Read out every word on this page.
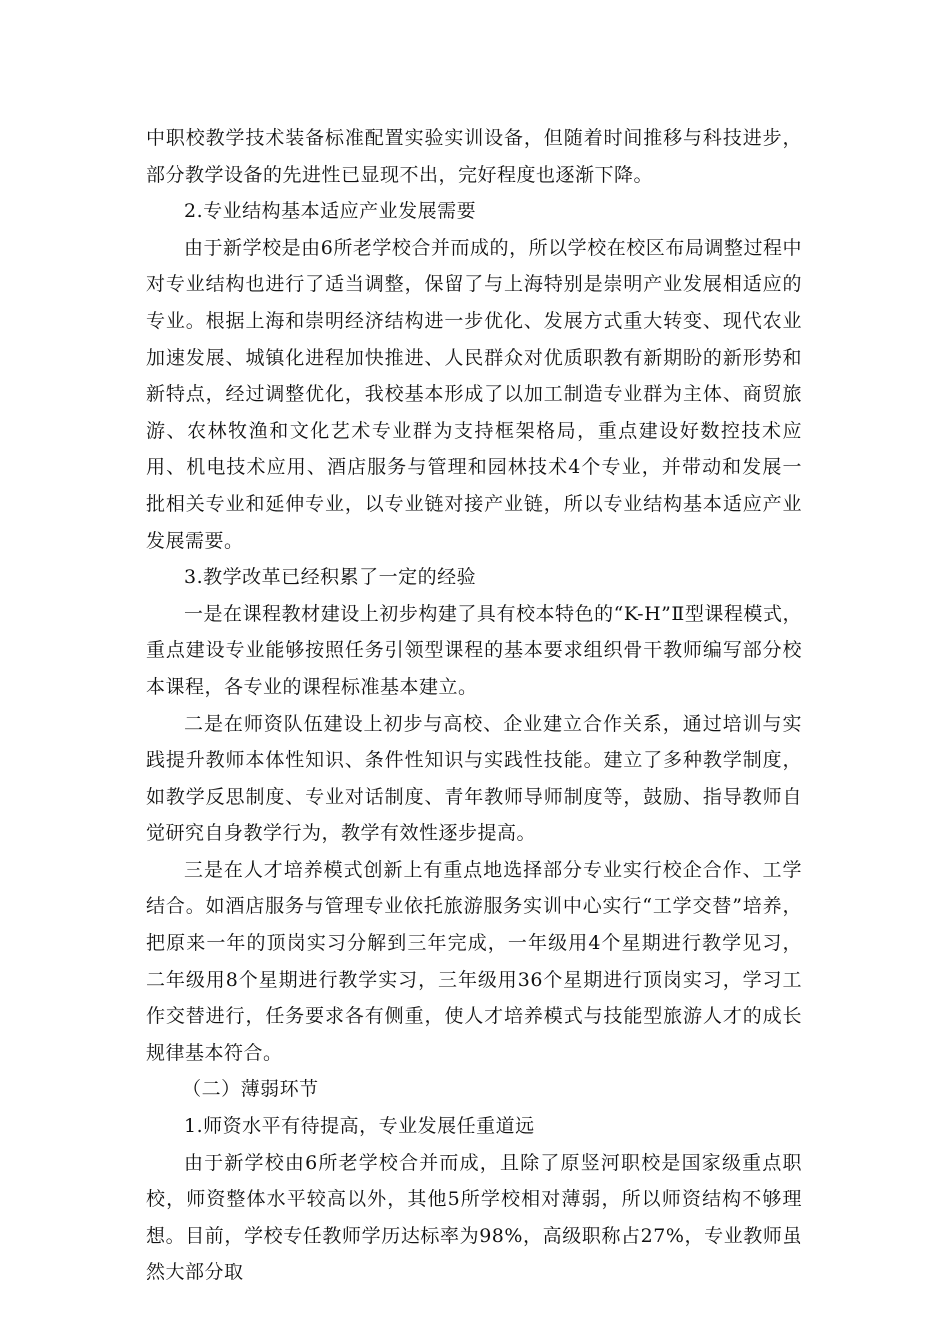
中职校教学技术装备标准配置实验实训设备，但随着时间推移与科技进步，部分教学设备的先进性已显现不出，完好程度也逐渐下降。

2.专业结构基本适应产业发展需要

由于新学校是由6所老学校合并而成的，所以学校在校区布局调整过程中对专业结构也进行了适当调整，保留了与上海特别是崇明产业发展相适应的专业。根据上海和崇明经济结构进一步优化、发展方式重大转变、现代农业加速发展、城镇化进程加快推进、人民群众对优质职教有新期盼的新形势和新特点，经过调整优化，我校基本形成了以加工制造专业群为主体、商贸旅游、农林牧渔和文化艺术专业群为支持框架格局，重点建设好数控技术应用、机电技术应用、酒店服务与管理和园林技术4个专业，并带动和发展一批相关专业和延伸专业，以专业链对接产业链，所以专业结构基本适应产业发展需要。

3.教学改革已经积累了一定的经验

一是在课程教材建设上初步构建了具有校本特色的“K-H”Ⅱ型课程模式，重点建设专业能够按照任务引领型课程的基本要求组织骨干教师编写部分校本课程，各专业的课程标准基本建立。

二是在师资队伍建设上初步与高校、企业建立合作关系，通过培训与实践提升教师本体性知识、条件性知识与实践性技能。建立了多种教学制度，如教学反思制度、专业对话制度、青年教师导师制度等，鼓励、指导教师自觉研究自身教学行为，教学有效性逐步提高。

三是在人才培养模式创新上有重点地选择部分专业实行校企合作、工学结合。如酒店服务与管理专业依托旅游服务实训中心实行“工学交替”培养，把原来一年的顶岗实习分解到三年完成，一年级用4个星期进行教学见习，二年级用8个星期进行教学实习，三年级用36个星期进行顶岗实习，学习工作交替进行，任务要求各有侧重，使人才培养模式与技能型旅游人才的成长规律基本符合。

（二）薄弱环节

1.师资水平有待提高，专业发展任重道远

由于新学校由6所老学校合并而成，且除了原竖河职校是国家级重点职校，师资整体水平较高以外，其他5所学校相对薄弱，所以师资结构不够理想。目前，学校专任教师学历达标率为98%，高级职称占27%，专业教师虽然大部分取
